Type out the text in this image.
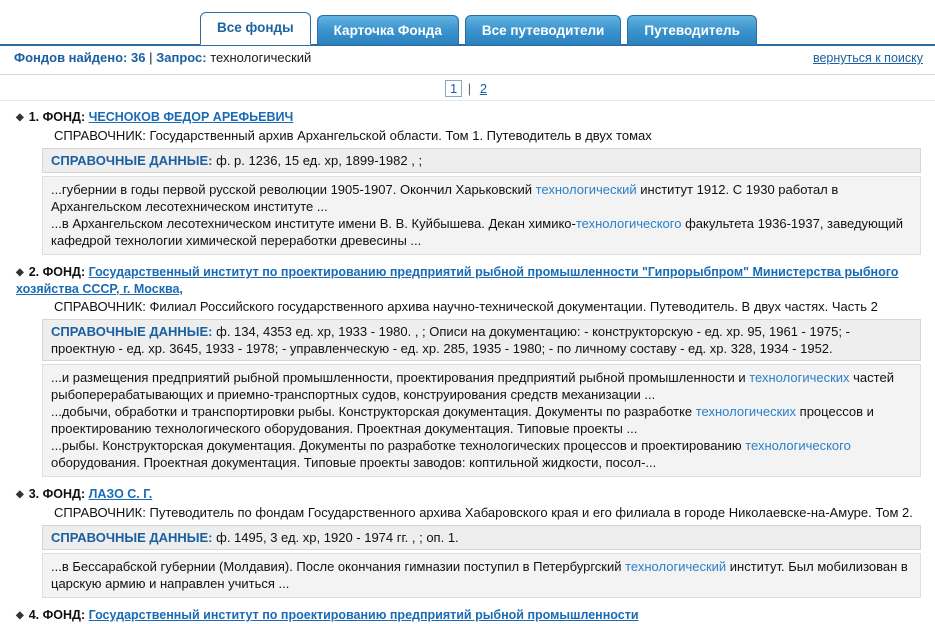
Все фонды	Карточка Фонда	Все путеводители	Путеводитель
Фондов найдено: 36 | Запрос: технологический	вернуться к поиску
1 | 2
◆ 1. ФОНД: ЧЕСНОКОВ ФЕДОР АРЕФЬЕВИЧ
СПРАВОЧНИК: Государственный архив Архангельской области. Том 1. Путеводитель в двух томах
СПРАВОЧНЫЕ ДАННЫЕ: ф. р. 1236, 15 ед. хр, 1899-1982 , ;

...губернии в годы первой русской революции 1905-1907. Окончил Харьковский технологический институт 1912. С 1930 работал в Архангельском лесотехническом институте ...

...в Архангельском лесотехническом институте имени В. В. Куйбышева. Декан химико-технологического факультета 1936-1937, заведующий кафедрой технологии химической переработки древесины ...

◆ 2. ФОНД: Государственный институт по проектированию предприятий рыбной промышленности "Гипрорыбпром" Министерства рыбного хозяйства СССР, г. Москва,
СПРАВОЧНИК: Филиал Российского государственного архива научно-технической документации. Путеводитель. В двух частях. Часть 2
СПРАВОЧНЫЕ ДАННЫЕ: ф. 134, 4353 ед. хр, 1933 - 1980. , ; Описи на документацию: - конструкторскую - ед. хр. 95, 1961 - 1975; - проектную - ед. хр. 3645, 1933 - 1978; - управленческую - ед. хр. 285, 1935 - 1980; - по личному составу - ед. хр. 328, 1934 - 1952.

...и размещения предприятий рыбной промышленности, проектирования предприятий рыбной промышленности и технологических частей рыбоперерабатывающих и приемно-транспортных судов, конструирования средств механизации ...

...добычи, обработки и транспортировки рыбы. Конструкторская документация. Документы по разработке технологических процессов и проектированию технологического оборудования. Проектная документация. Типовые проекты ...

...рыбы. Конструкторская документация. Документы по разработке технологических процессов и проектированию технологического оборудования. Проектная документация. Типовые проекты заводов: коптильной жидкости, посол-...

◆ 3. ФОНД: ЛАЗО С. Г.
СПРАВОЧНИК: Путеводитель по фондам Государственного архива Хабаровского края и его филиала в городе Николаевске-на-Амуре. Том 2.
СПРАВОЧНЫЕ ДАННЫЕ: ф. 1495, 3 ед. хр, 1920 - 1974 гг. , ; оп. 1.

...в Бессарабской губернии (Молдавия). После окончания гимназии поступил в Петербургский технологический институт. Был мобилизован в царскую армию и направлен учиться ...

◆ 4. ФОНД: Государственный институт по проектированию предприятий рыбной промышленности
